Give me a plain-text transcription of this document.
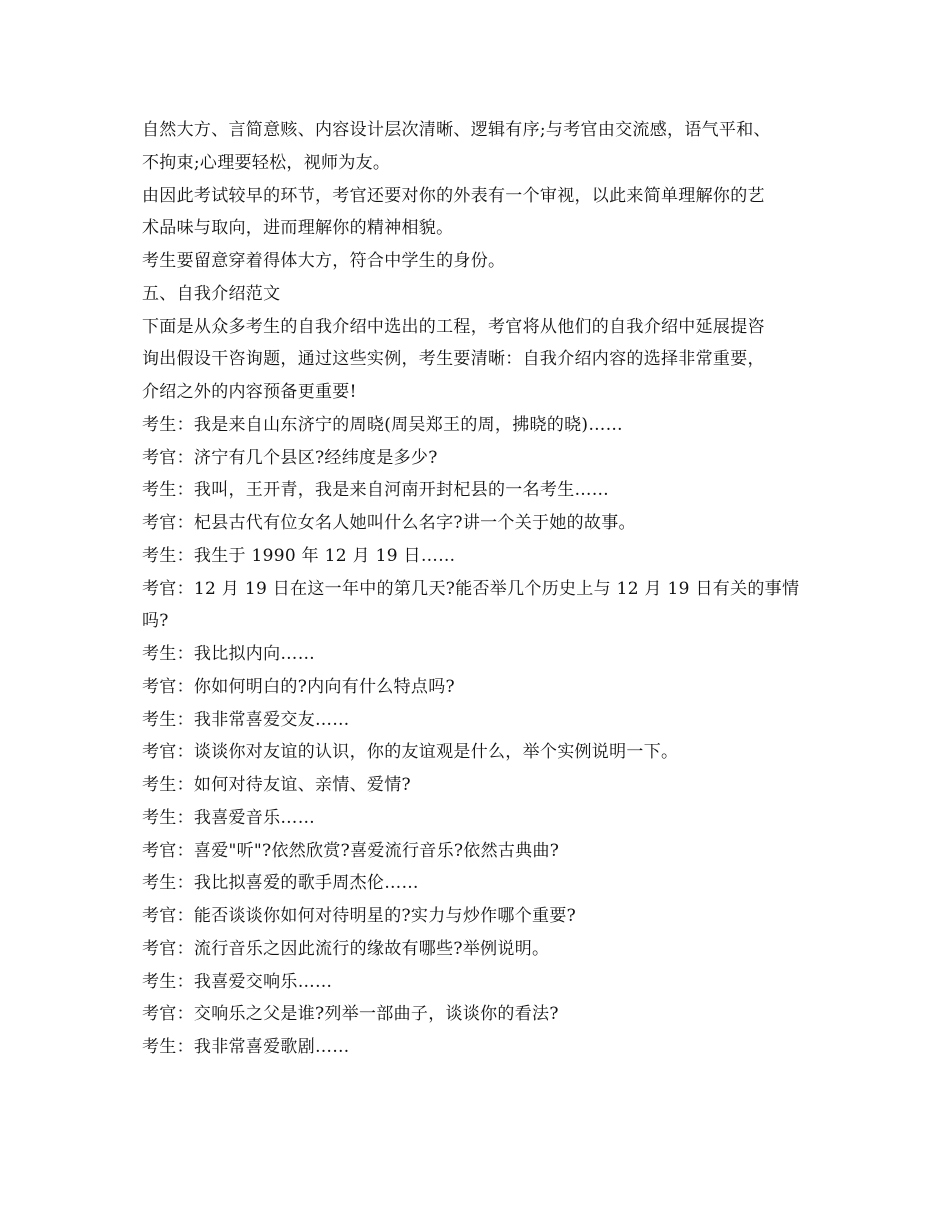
自然大方、言简意赅、内容设计层次清晰、逻辑有序;与考官由交流感，语气平和、
不拘束;心理要轻松，视师为友。
由因此考试较早的环节，考官还要对你的外表有一个审视，以此来简单理解你的艺
术品味与取向，进而理解你的精神相貌。
考生要留意穿着得体大方，符合中学生的身份。
五、自我介绍范文
下面是从众多考生的自我介绍中选出的工程，考官将从他们的自我介绍中延展提咨
询出假设干咨询题，通过这些实例，考生要清晰：自我介绍内容的选择非常重要，
介绍之外的内容预备更重要!
考生：我是来自山东济宁的周晓(周吴郑王的周，拂晓的晓)……
考官：济宁有几个县区?经纬度是多少?
考生：我叫，王开青，我是来自河南开封杞县的一名考生……
考官：杞县古代有位女名人她叫什么名字?讲一个关于她的故事。
考生：我生于 1990 年 12 月 19 日……
考官：12 月 19 日在这一年中的第几天?能否举几个历史上与 12 月 19 日有关的事情
吗?
考生：我比拟内向……
考官：你如何明白的?内向有什么特点吗?
考生：我非常喜爱交友……
考官：谈谈你对友谊的认识，你的友谊观是什么，举个实例说明一下。
考生：如何对待友谊、亲情、爱情?
考生：我喜爱音乐……
考官：喜爱"听"?依然欣赏?喜爱流行音乐?依然古典曲?
考生：我比拟喜爱的歌手周杰伦……
考官：能否谈谈你如何对待明星的?实力与炒作哪个重要?
考官：流行音乐之因此流行的缘故有哪些?举例说明。
考生：我喜爱交响乐……
考官：交响乐之父是谁?列举一部曲子，谈谈你的看法?
考生：我非常喜爱歌剧……
